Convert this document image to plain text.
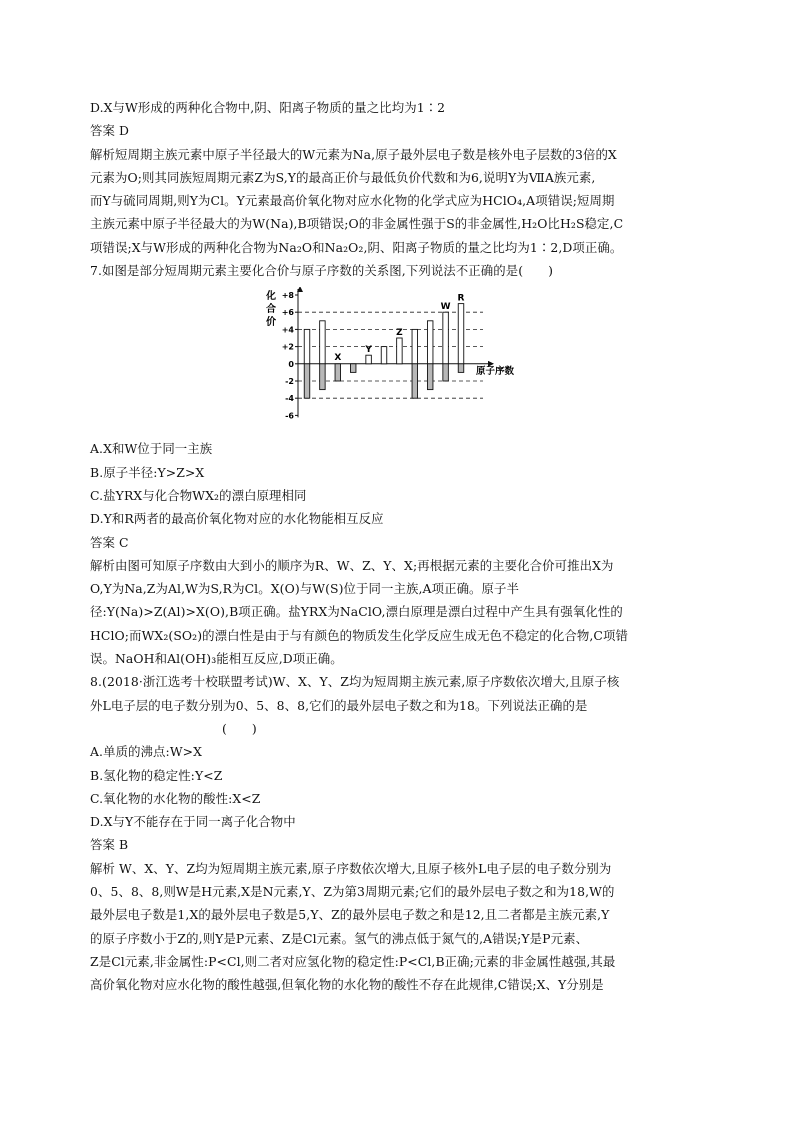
D.X与W形成的两种化合物中,阴、阳离子物质的量之比均为1∶2
答案 D
解析短周期主族元素中原子半径最大的W元素为Na,原子最外层电子数是核外电子层数的3倍的X
元素为O;则其同族短周期元素Z为S,Y的最高正价与最低负价代数和为6,说明Y为ⅦA族元素,
而Y与硫同周期,则Y为Cl。Y元素最高价氧化物对应水化物的化学式应为HClO₄,A项错误;短周期
主族元素中原子半径最大的为W(Na),B项错误;O的非金属性强于S的非金属性,H₂O比H₂S稳定,C
项错误;X与W形成的两种化合物为Na₂O和Na₂O₂,阴、阳离子物质的量之比均为1∶2,D项正确。
7.如图是部分短周期元素主要化合价与原子序数的关系图,下列说法不正确的是(　　)
化
合
价
+8
+6
+4
+2
0
-2
-4
-6
原子序数
X
Y
Z
W
R
A.X和W位于同一主族
B.原子半径:Y>Z>X
C.盐YRX与化合物WX₂的漂白原理相同
D.Y和R两者的最高价氧化物对应的水化物能相互反应
答案 C
解析由图可知原子序数由大到小的顺序为R、W、Z、Y、X;再根据元素的主要化合价可推出X为
O,Y为Na,Z为Al,W为S,R为Cl。X(O)与W(S)位于同一主族,A项正确。原子半
径:Y(Na)>Z(Al)>X(O),B项正确。盐YRX为NaClO,漂白原理是漂白过程中产生具有强氧化性的
HClO;而WX₂(SO₂)的漂白性是由于与有颜色的物质发生化学反应生成无色不稳定的化合物,C项错
误。NaOH和Al(OH)₃能相互反应,D项正确。
8.(2018·浙江选考十校联盟考试)W、X、Y、Z均为短周期主族元素,原子序数依次增大,且原子核
外L电子层的电子数分别为0、5、8、8,它们的最外层电子数之和为18。下列说法正确的是
(　　)
A.单质的沸点:W>X
B.氢化物的稳定性:Y<Z
C.氧化物的水化物的酸性:X<Z
D.X与Y不能存在于同一离子化合物中
答案 B
解析 W、X、Y、Z均为短周期主族元素,原子序数依次增大,且原子核外L电子层的电子数分别为
0、5、8、8,则W是H元素,X是N元素,Y、Z为第3周期元素;它们的最外层电子数之和为18,W的
最外层电子数是1,X的最外层电子数是5,Y、Z的最外层电子数之和是12,且二者都是主族元素,Y
的原子序数小于Z的,则Y是P元素、Z是Cl元素。氢气的沸点低于氮气的,A错误;Y是P元素、
Z是Cl元素,非金属性:P<Cl,则二者对应氢化物的稳定性:P<Cl,B正确;元素的非金属性越强,其最
高价氧化物对应水化物的酸性越强,但氧化物的水化物的酸性不存在此规律,C错误;X、Y分别是
